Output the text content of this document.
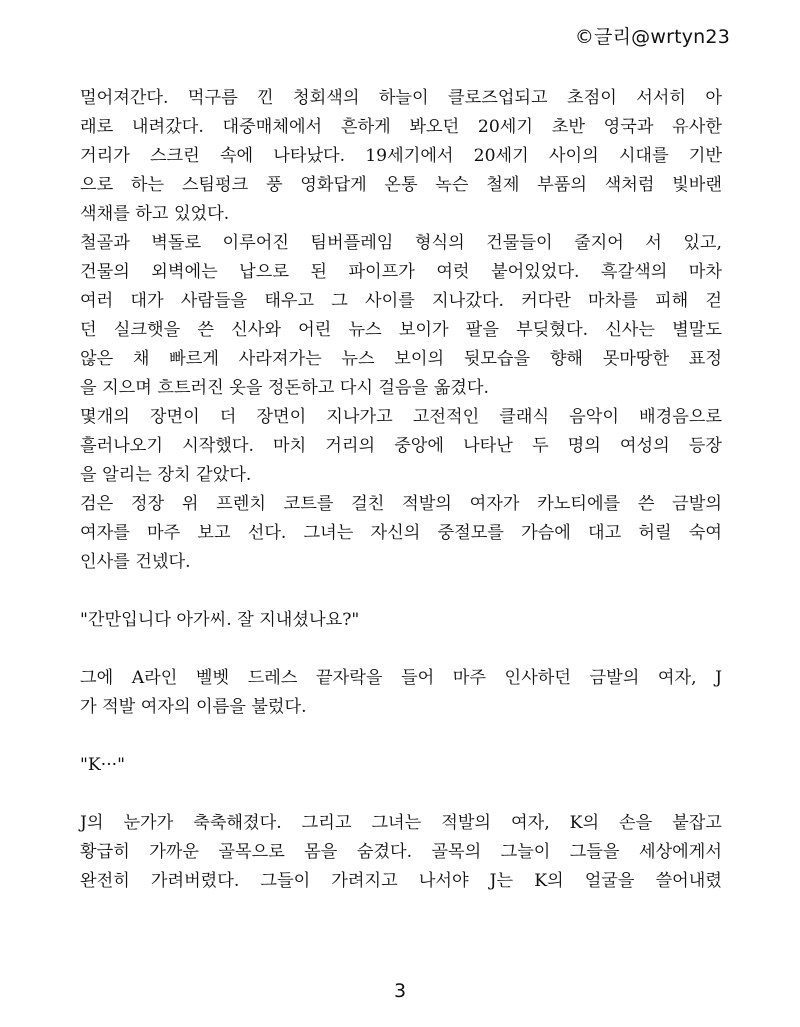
©글리@wrtyn23
멀어져간다. 먹구름 낀 청회색의 하늘이 클로즈업되고 초점이 서서히 아
래로 내려갔다. 대중매체에서 흔하게 봐오던 20세기 초반 영국과 유사한
거리가 스크린 속에 나타났다. 19세기에서 20세기 사이의 시대를 기반
으로 하는 스팀펑크 풍 영화답게 온통 녹슨 철제 부품의 색처럼 빛바랜
색채를 하고 있었다.
철골과 벽돌로 이루어진 팀버플레임 형식의 건물들이 줄지어 서 있고,
건물의 외벽에는 납으로 된 파이프가 여럿 붙어있었다. 흑갈색의 마차
여러 대가 사람들을 태우고 그 사이를 지나갔다. 커다란 마차를 피해 걷
던 실크햇을 쓴 신사와 어린 뉴스 보이가 팔을 부딪혔다. 신사는 별말도
않은 채 빠르게 사라져가는 뉴스 보이의 뒷모습을 향해 못마땅한 표정
을 지으며 흐트러진 옷을 정돈하고 다시 걸음을 옮겼다.
몇개의 장면이 더 장면이 지나가고 고전적인 클래식 음악이 배경음으로
흘러나오기 시작했다. 마치 거리의 중앙에 나타난 두 명의 여성의 등장
을 알리는 장치 같았다.
검은 정장 위 프렌치 코트를 걸친 적발의 여자가 카노티에를 쓴 금발의
여자를 마주 보고 선다. 그녀는 자신의 중절모를 가슴에 대고 허릴 숙여
인사를 건넸다.
"간만입니다 아가씨. 잘 지내셨나요?"
그에 A라인 벨벳 드레스 끝자락을 들어 마주 인사하던 금발의 여자, J
가 적발 여자의 이름을 불렀다.
"K···"
J의 눈가가 축축해졌다. 그리고 그녀는 적발의 여자, K의 손을 붙잡고
황급히 가까운 골목으로 몸을 숨겼다. 골목의 그늘이 그들을 세상에게서
완전히 가려버렸다. 그들이 가려지고 나서야 J는 K의 얼굴을 쓸어내렸
3
